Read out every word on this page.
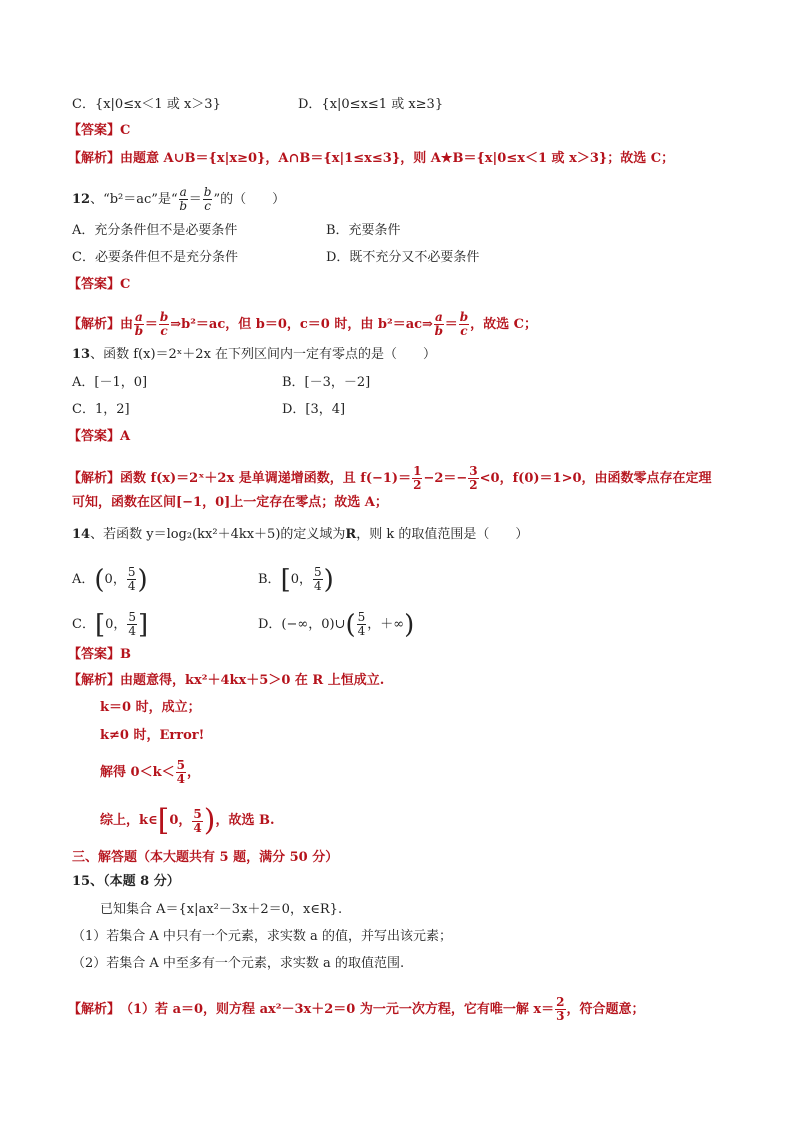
C．{x|0≤x＜1 或 x＞3}	D．{x|0≤x≤1 或 x≥3}
【答案】 C
【解析】 由题意 A∪B＝{x|x≥0}，A∩B＝{x|1≤x≤3}，则 A★B＝{x|0≤x＜1 或 x＞3}；故选 C；
12 、“b²＝ac”是“ $\frac{a}{b} = \frac{b}{c}$ ”的（　　）
A．充分条件但不是必要条件	B．充要条件
C．必要条件但不是充分条件	D．既不充分又不必要条件
【答案】 C
【解析】 由 $\frac{a}{b} = \frac{b}{c}$ ⇒b²＝ac，但 b＝0，c＝0 时，由 b²＝ac⇒ $\frac{a}{b} = \frac{b}{c}$ ，故选 C；
13 、函数 f(x)＝2ˣ＋2x 在下列区间内一定有零点的是（　　）
A．[－1，0]	B．[－3，－2]
C．1，2]	D．[3，4]
【答案】 A
【解析】 函数 f(x)＝2ˣ＋2x 是单调递增函数，且 $f(-1)= \frac{1}{2} -2=- \frac{3}{2} <0$，f(0)＝1>0，由函数零点存在定理
可知，函数在区间[−1，0]上一定存在零点；故选 A；
14 、若函数 y＝log₂(kx²＋4kx＋5)的定义域为 R ，则 k 的取值范围是（　　）
A． ( 0， $\frac{5}{4}$ )	B． [ 0， $\frac{5}{4}$ )
C． [ 0， $\frac{5}{4}$ ]	D．(−∞，0)∪ ( $\frac{5}{4}$ ，＋∞ )
【答案】 B
【解析】 由题意得，kx²＋4kx＋5＞0 在 R 上恒成立.
k＝0 时，成立；
k≠0 时，Error!
解得 $0<k< \frac{5}{4}$ ，
综上，k∈ [ 0， $\frac{5}{4}$ ) ，故选 B.
三、解答题（本大题共有 5 题，满分 50 分）
15 、（本题 8 分）
已知集合 A＝{x|ax²－3x＋2＝0，x∈R}.
（1）若集合 A 中只有一个元素，求实数 a 的值，并写出该元素；
（2）若集合 A 中至多有一个元素，求实数 a 的取值范围.
【解析】 （1）若 a＝0，则方程 ax²－3x＋2＝0 为一元一次方程，它有唯一解 $x= \frac{2}{3}$ ，符合题意；
